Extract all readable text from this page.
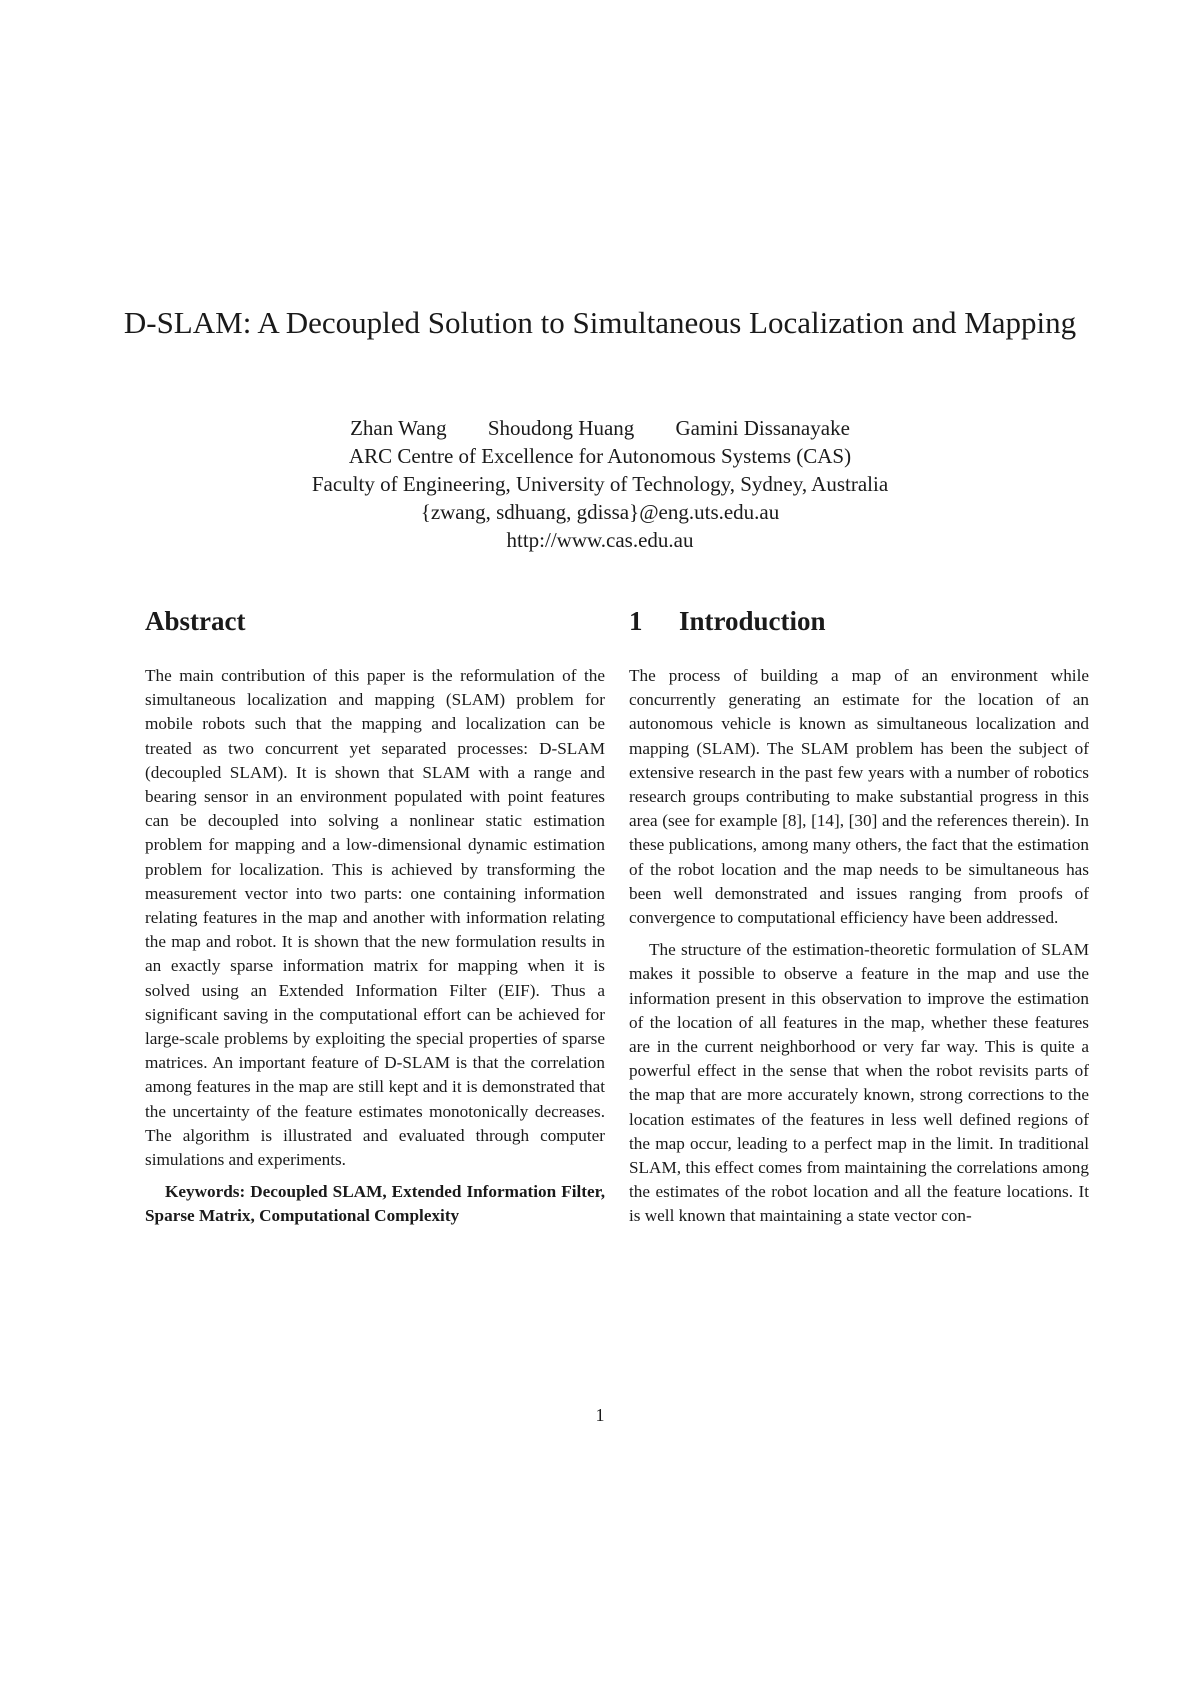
D-SLAM: A Decoupled Solution to Simultaneous Localization and Mapping
Zhan Wang Shoudong Huang Gamini Dissanayake
ARC Centre of Excellence for Autonomous Systems (CAS)
Faculty of Engineering, University of Technology, Sydney, Australia
{zwang, sdhuang, gdissa}@eng.uts.edu.au
http://www.cas.edu.au
Abstract	1 Introduction

The main contribution of this paper is the reformulation of the simultaneous localization and mapping (SLAM) problem for mobile robots such that the mapping and localization can be treated as two concurrent yet separated processes: D-SLAM (decoupled SLAM). It is shown that SLAM with a range and bearing sensor in an environment populated with point features can be decoupled into solving a nonlinear static estimation problem for mapping and a low-dimensional dynamic estimation problem for localization. This is achieved by transforming the measurement vector into two parts: one containing information relating features in the map and another with information relating the map and robot. It is shown that the new formulation results in an exactly sparse information matrix for mapping when it is solved using an Extended Information Filter (EIF). Thus a significant saving in the computational effort can be achieved for large-scale problems by exploiting the special properties of sparse matrices. An important feature of D-SLAM is that the correlation among features in the map are still kept and it is demonstrated that the uncertainty of the feature estimates monotonically decreases. The algorithm is illustrated and evaluated through computer simulations and experiments.

Keywords: Decoupled SLAM, Extended Information Filter, Sparse Matrix, Computational Complexity

The process of building a map of an environment while concurrently generating an estimate for the location of an autonomous vehicle is known as simultaneous localization and mapping (SLAM). The SLAM problem has been the subject of extensive research in the past few years with a number of robotics research groups contributing to make substantial progress in this area (see for example [8], [14], [30] and the references therein). In these publications, among many others, the fact that the estimation of the robot location and the map needs to be simultaneous has been well demonstrated and issues ranging from proofs of convergence to computational efficiency have been addressed.

The structure of the estimation-theoretic formulation of SLAM makes it possible to observe a feature in the map and use the information present in this observation to improve the estimation of the location of all features in the map, whether these features are in the current neighborhood or very far way. This is quite a powerful effect in the sense that when the robot revisits parts of the map that are more accurately known, strong corrections to the location estimates of the features in less well defined regions of the map occur, leading to a perfect map in the limit. In traditional SLAM, this effect comes from maintaining the correlations among the estimates of the robot location and all the feature locations. It is well known that maintaining a state vector con-

1
